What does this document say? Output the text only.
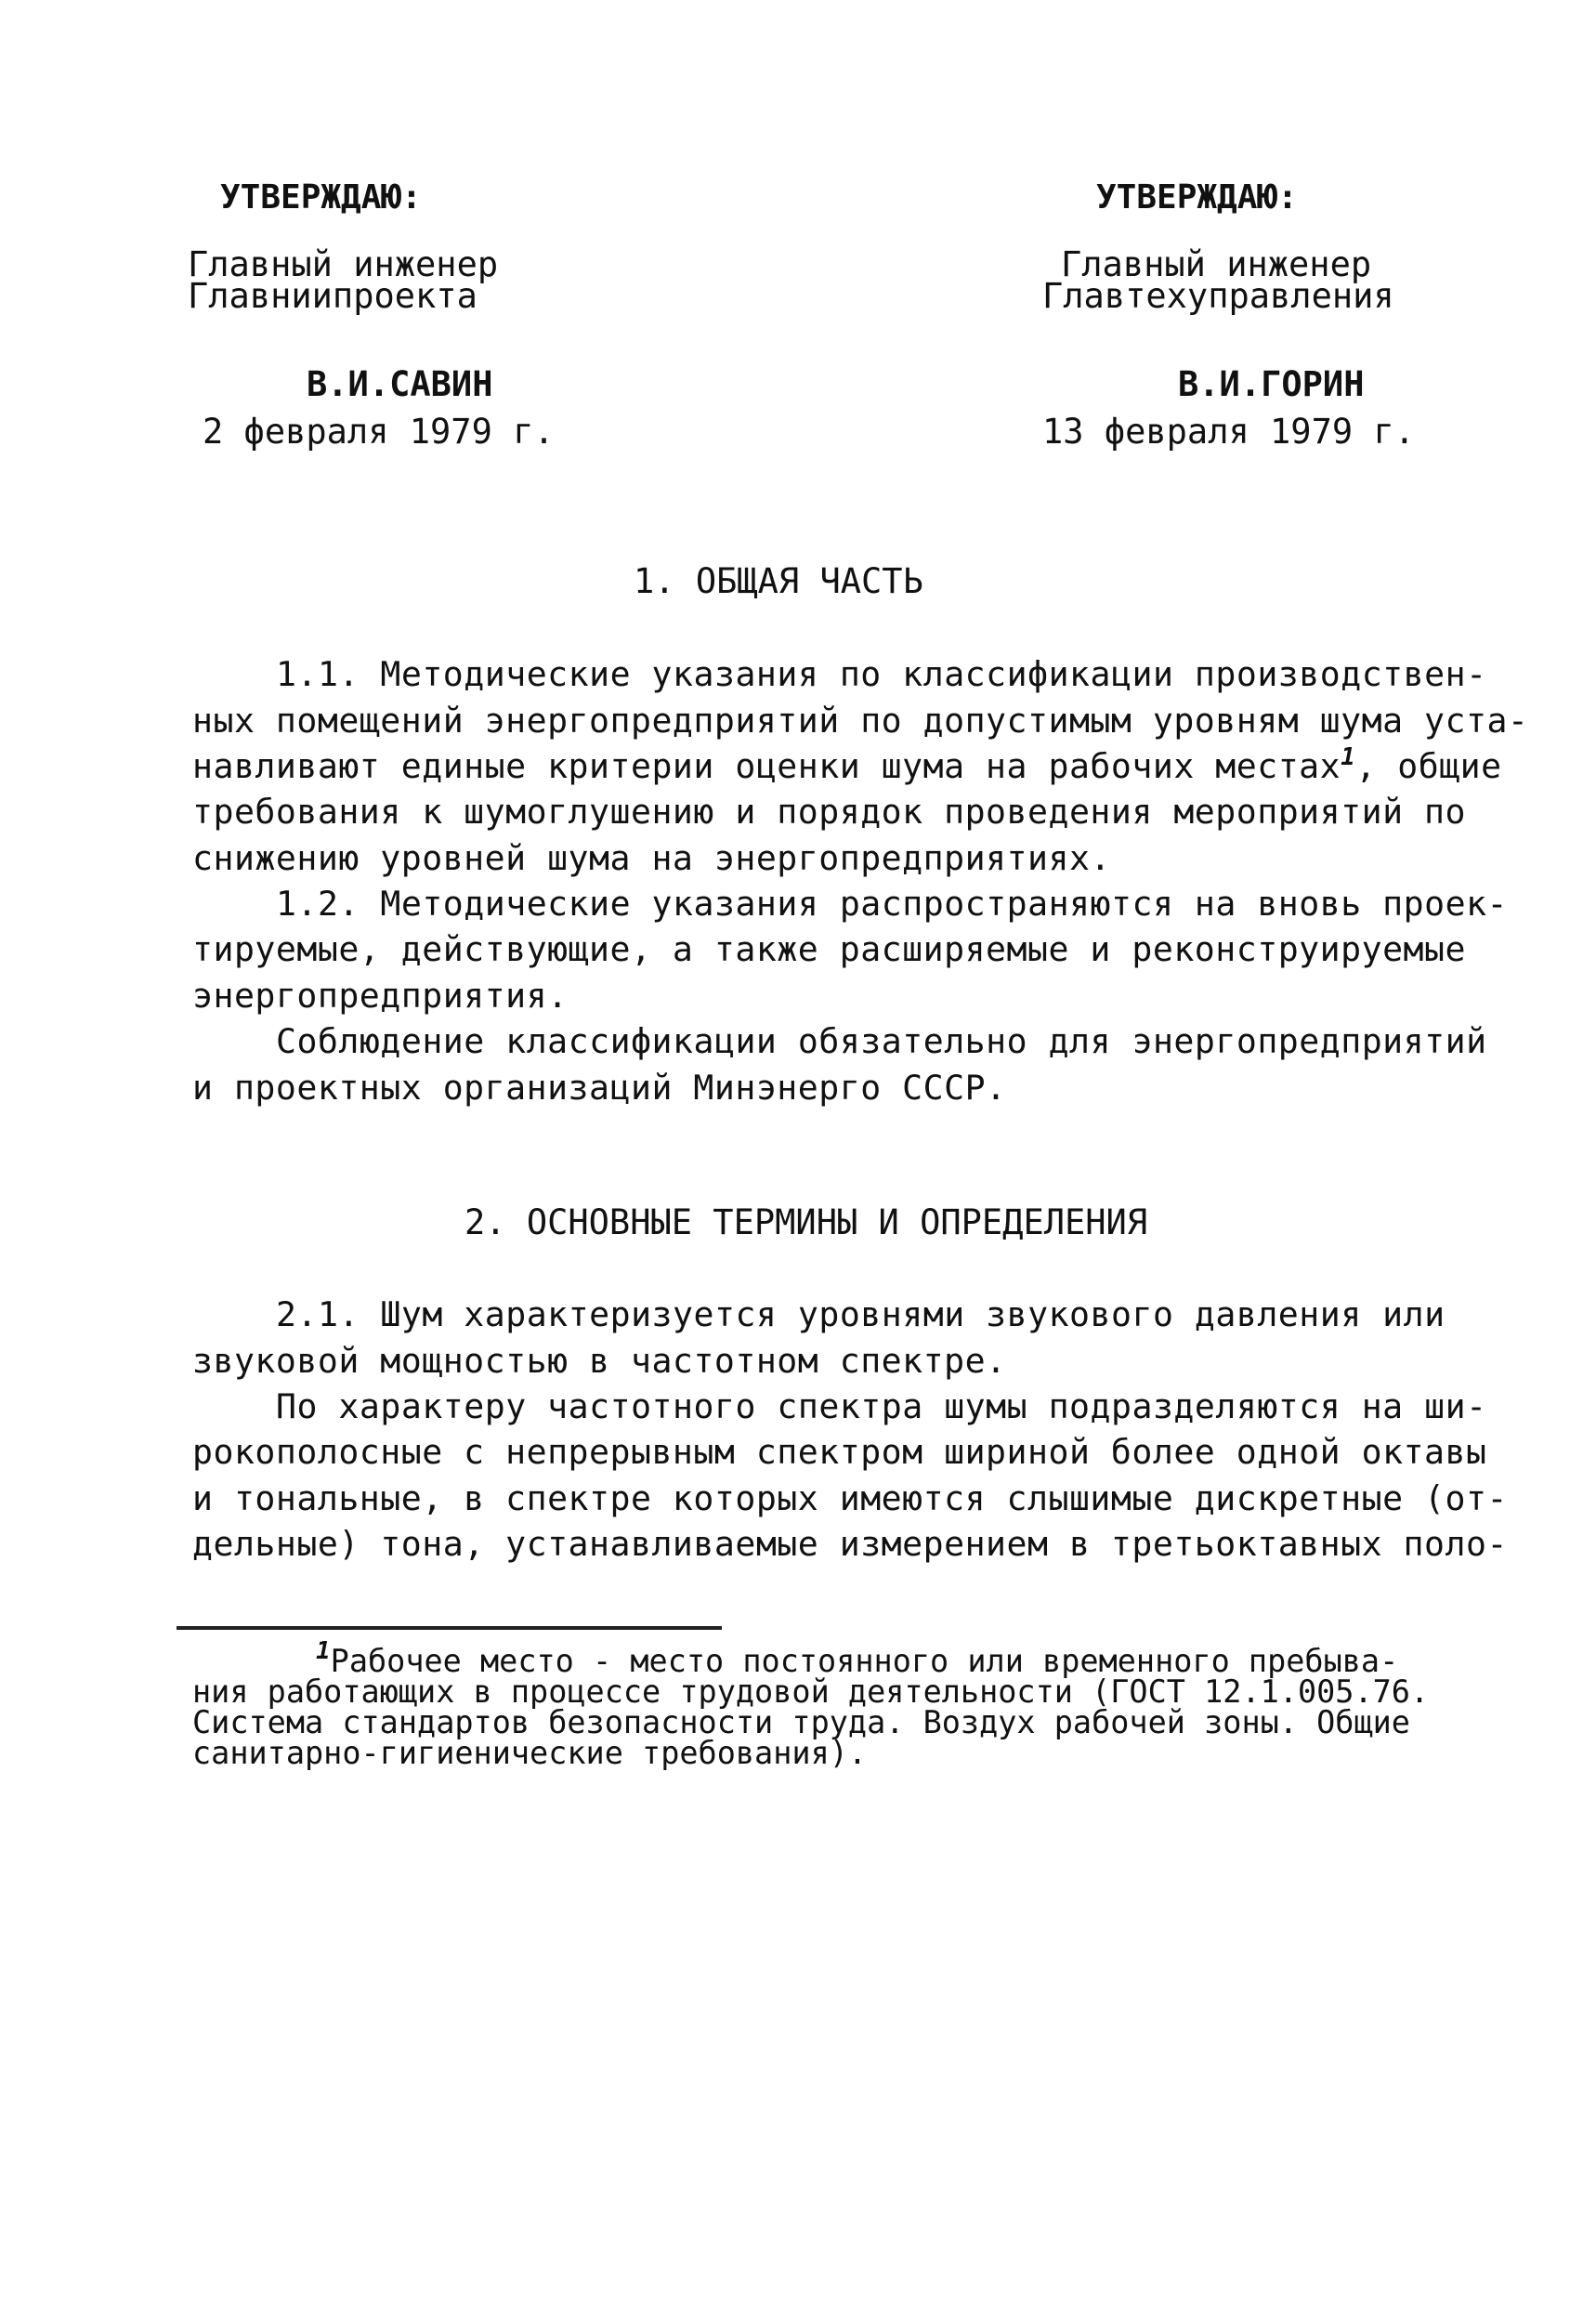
УТВЕРЖДАЮ:
Главный инженер
Главниипроекта
В.И.САВИН
2 февраля 1979 г.
УТВЕРЖДАЮ:
Главный инженер
Главтехуправления
В.И.ГОРИН
13 февраля 1979 г.
1. ОБЩАЯ ЧАСТЬ
1.1. Методические указания по классификации производствен-
ных помещений энергопредприятий по допустимым уровням шума уста-
навливают единые критерии оценки шума на рабочих местах$^1$, общие
требования к шумоглушению и порядок проведения мероприятий по
снижению уровней шума на энергопредприятиях.
1.2. Методические указания распространяются на вновь проек-
тируемые, действующие, а также расширяемые и реконструируемые
энергопредприятия.
Соблюдение классификации обязательно для энергопредприятий
и проектных организаций Минэнерго СССР.
2. ОСНОВНЫЕ ТЕРМИНЫ И ОПРЕДЕЛЕНИЯ
2.1. Шум характеризуется уровнями звукового давления или
звуковой мощностью в частотном спектре.
По характеру частотного спектра шумы подразделяются на ши-
рокополосные с непрерывным спектром шириной более одной октавы
и тональные, в спектре которых имеются слышимые дискретные (от-
дельные) тона, устанавливаемые измерением в третьоктавных поло-
$^1$Рабочее место - место постоянного или временного пребыва-
ния работающих в процессе трудовой деятельности (ГОСТ 12.1.005.76.
Система стандартов безопасности труда. Воздух рабочей зоны. Общие
санитарно-гигиенические требования).
